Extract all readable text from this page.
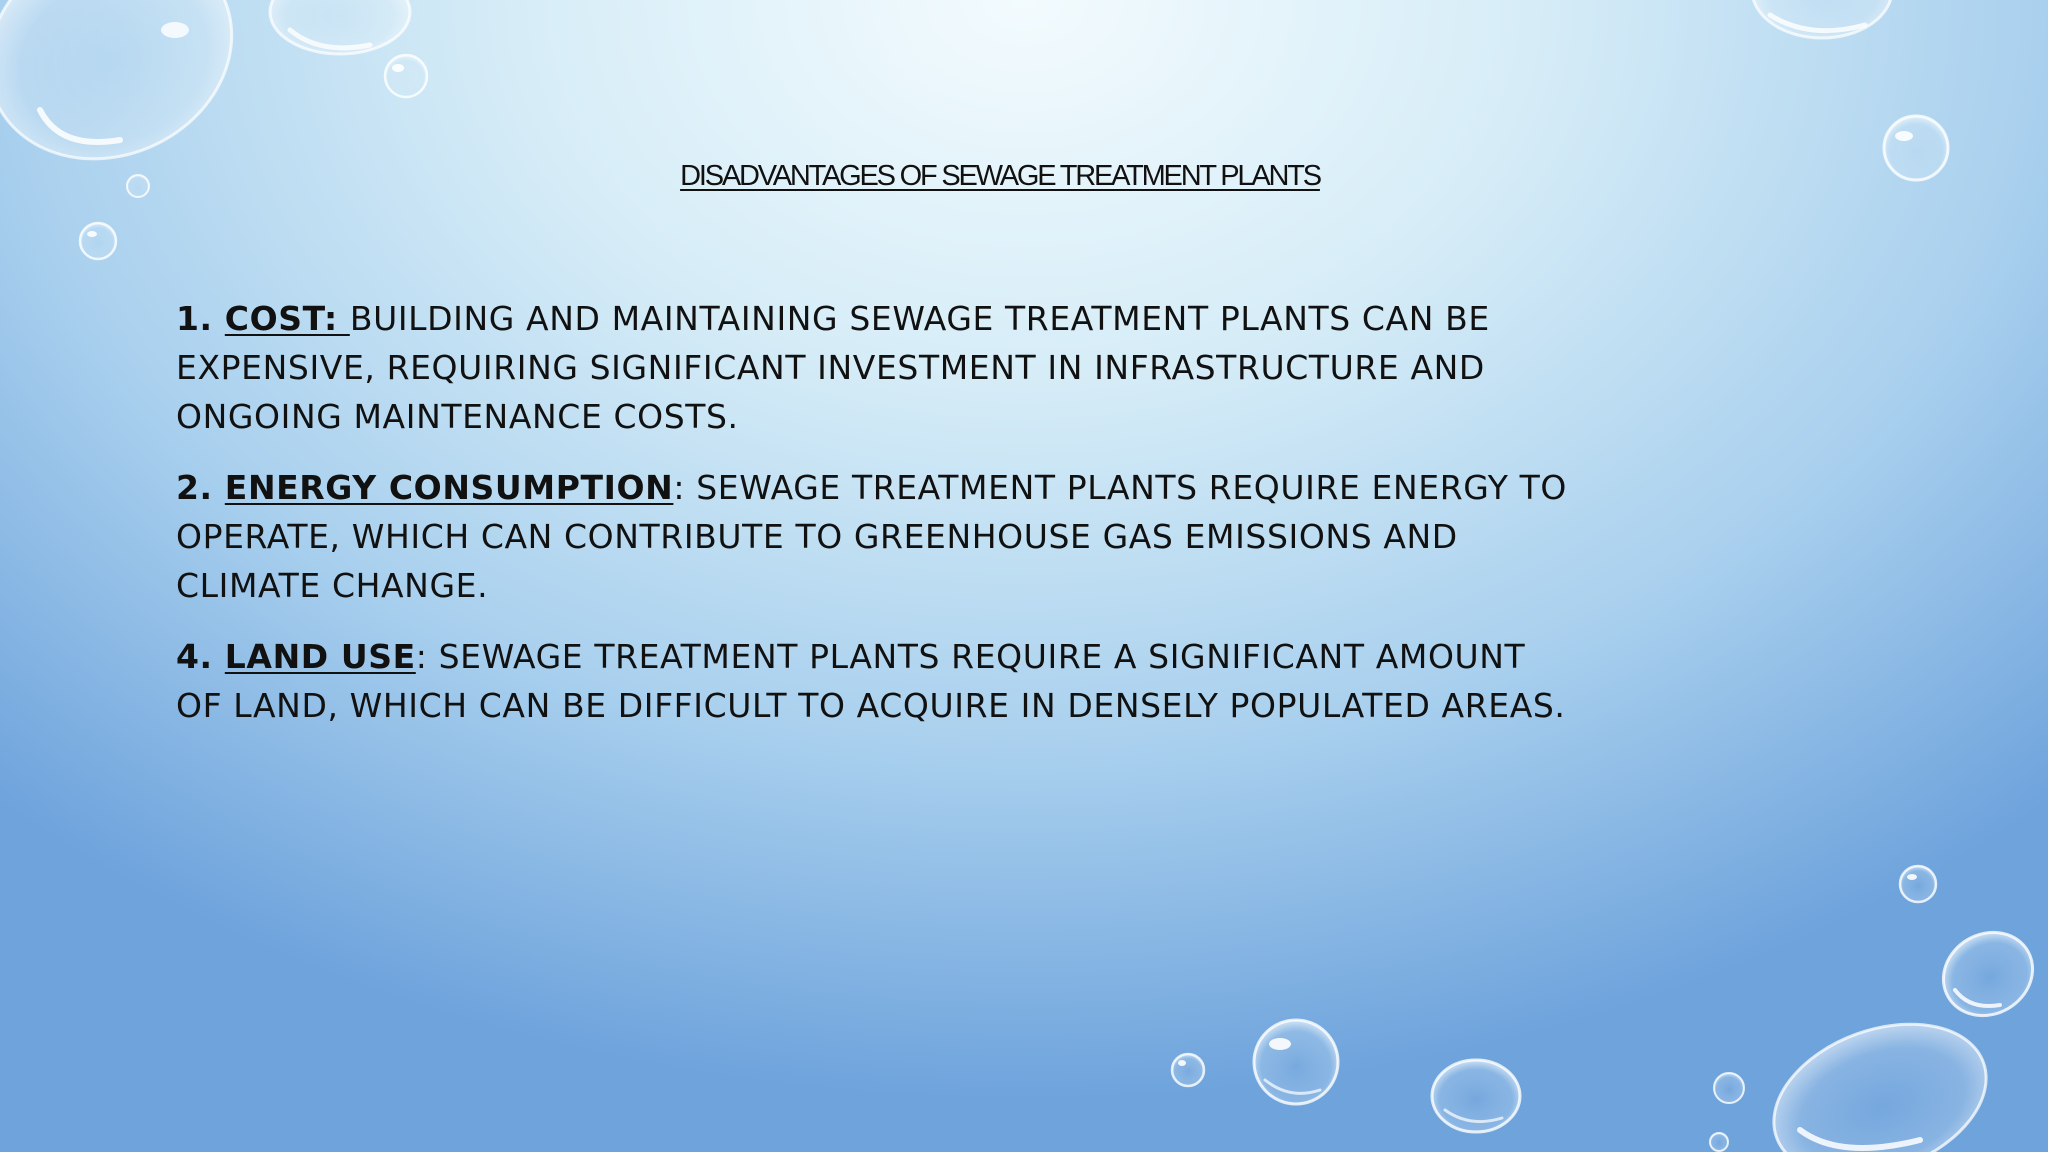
DISADVANTAGES OF SEWAGE TREATMENT PLANTS

1. COST: BUILDING AND MAINTAINING SEWAGE TREATMENT PLANTS CAN BE EXPENSIVE, REQUIRING SIGNIFICANT INVESTMENT IN INFRASTRUCTURE AND ONGOING MAINTENANCE COSTS.

2. ENERGY CONSUMPTION: SEWAGE TREATMENT PLANTS REQUIRE ENERGY TO OPERATE, WHICH CAN CONTRIBUTE TO GREENHOUSE GAS EMISSIONS AND CLIMATE CHANGE.

4. LAND USE: SEWAGE TREATMENT PLANTS REQUIRE A SIGNIFICANT AMOUNT OF LAND, WHICH CAN BE DIFFICULT TO ACQUIRE IN DENSELY POPULATED AREAS.
